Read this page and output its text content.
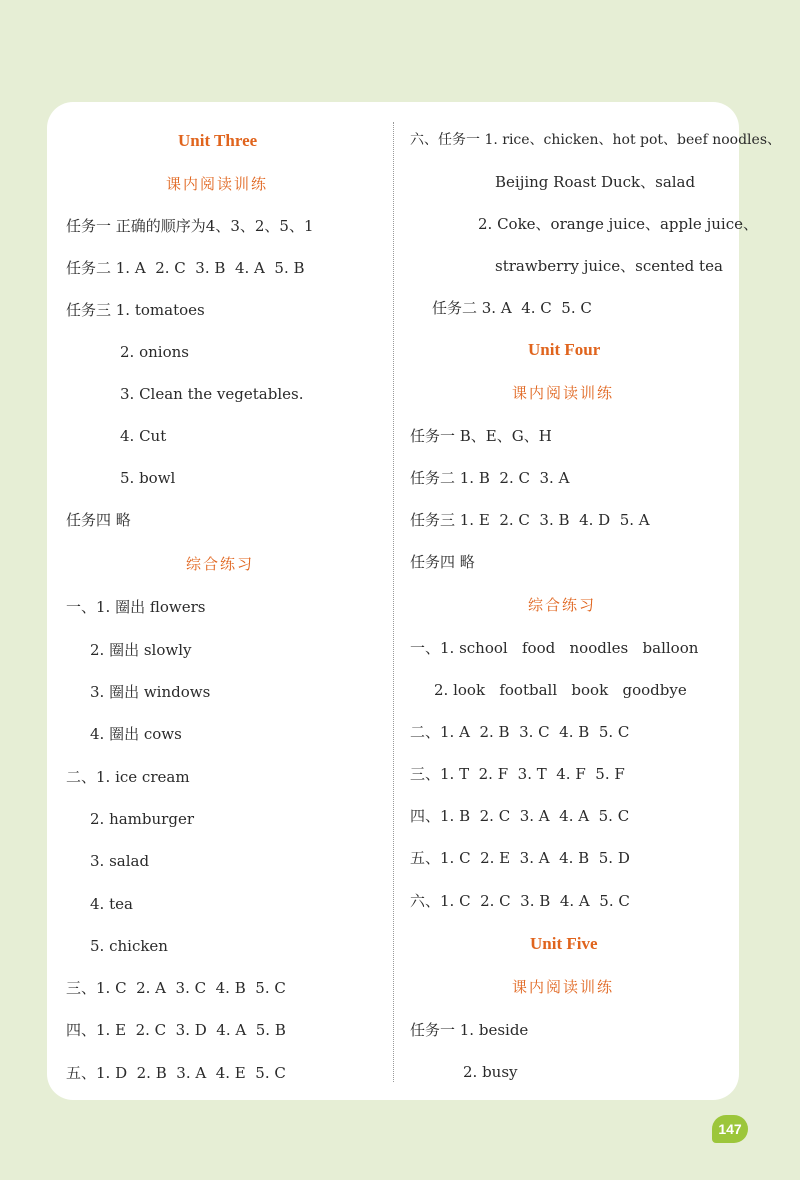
Unit Three
课内阅读训练
任务一 正确的顺序为4、3、2、5、1
任务二 1. A  2. C  3. B  4. A  5. B
任务三 1. tomatoes
2. onions
3. Clean the vegetables.
4. Cut
5. bowl
任务四 略
综合练习
一、1. 圈出 flowers
2. 圈出 slowly
3. 圈出 windows
4. 圈出 cows
二、1. ice cream
2. hamburger
3. salad
4. tea
5. chicken
三、1. C  2. A  3. C  4. B  5. C
四、1. E  2. C  3. D  4. A  5. B
五、1. D  2. B  3. A  4. E  5. C
六、任务一 1. rice、chicken、hot pot、beef noodles、
Beijing Roast Duck、salad
2. Coke、orange juice、apple juice、
strawberry juice、scented tea
任务二 3. A  4. C  5. C
Unit Four
课内阅读训练
任务一 B、E、G、H
任务二 1. B  2. C  3. A
任务三 1. E  2. C  3. B  4. D  5. A
任务四 略
综合练习
一、1. school   food   noodles   balloon
2. look   football   book   goodbye
二、1. A  2. B  3. C  4. B  5. C
三、1. T  2. F  3. T  4. F  5. F
四、1. B  2. C  3. A  4. A  5. C
五、1. C  2. E  3. A  4. B  5. D
六、1. C  2. C  3. B  4. A  5. C
Unit Five
课内阅读训练
任务一 1. beside
2. busy
147
